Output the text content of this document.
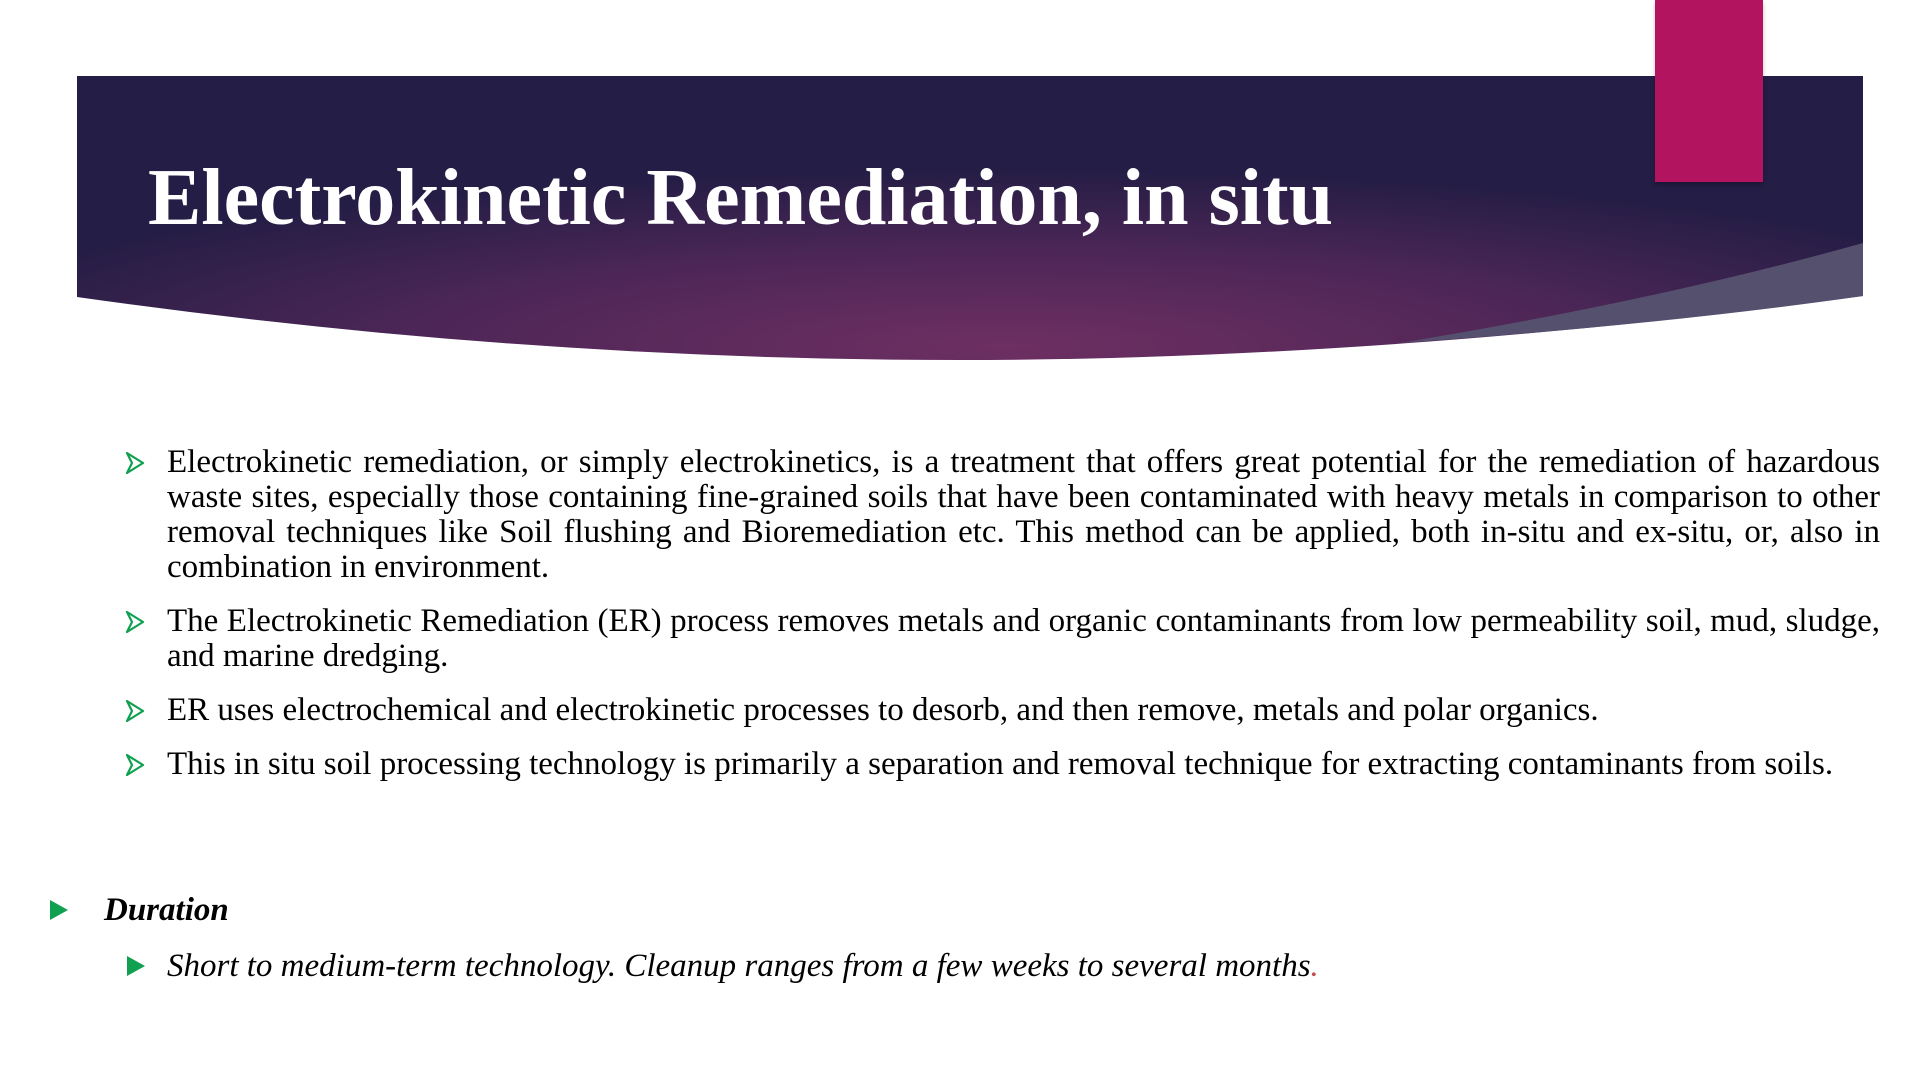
Electrokinetic Remediation, in situ
Electrokinetic remediation, or simply electrokinetics, is a treatment that offers great potential for the remediation of hazardous waste sites, especially those containing fine-grained soils that have been contaminated with heavy metals in comparison to other removal techniques like Soil flushing and Bioremediation etc. This method can be applied, both in-situ and ex-situ, or, also in combination in environment.
The Electrokinetic Remediation (ER) process removes metals and organic contaminants from low permeability soil, mud, sludge, and marine dredging.
ER uses electrochemical and electrokinetic processes to desorb, and then remove, metals and polar organics.
This in situ soil processing technology is primarily a separation and removal technique for extracting contaminants from soils.
Duration
Short to medium-term technology. Cleanup ranges from a few weeks to several months .
